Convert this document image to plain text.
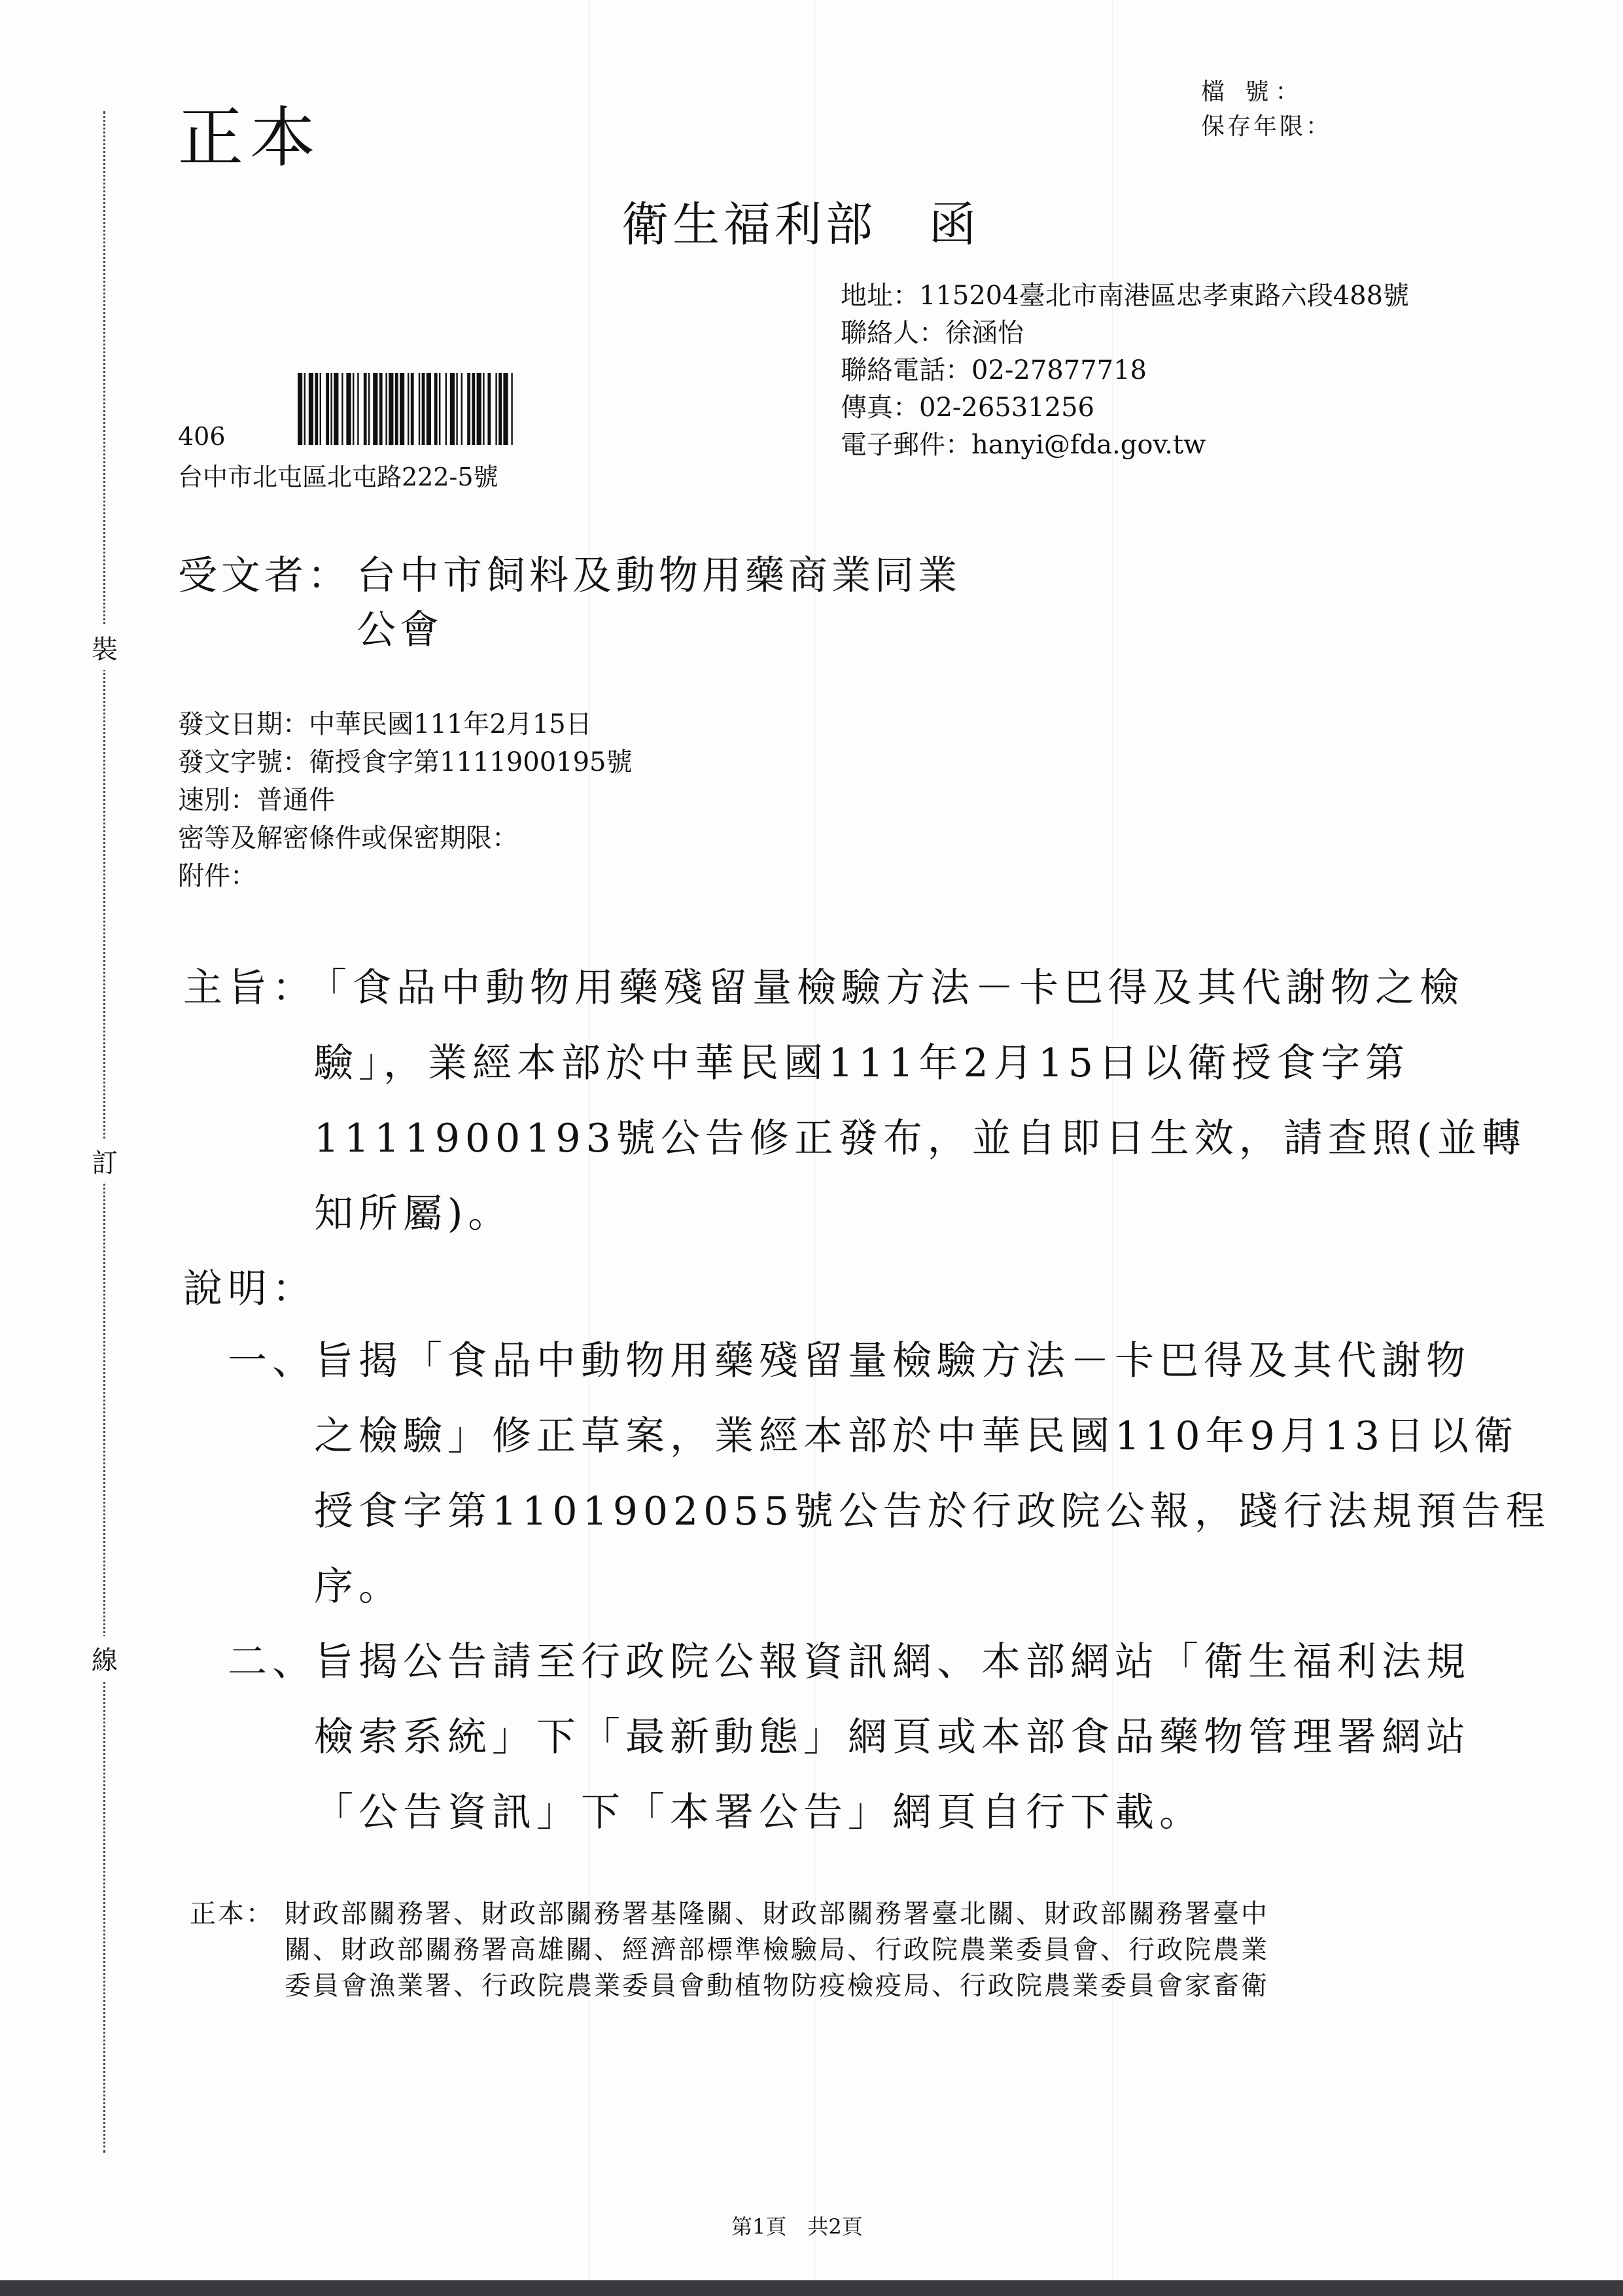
裝
訂
線
正本
檔 號：
保存年限：
衛生福利部 函
地址：115204臺北市南港區忠孝東路六段488號
聯絡人：徐涵怡
聯絡電話：02-27877718
傳真：02-26531256
電子郵件：hanyi@fda.gov.tw
406
台中市北屯區北屯路222-5號
受文者： 台中市飼料及動物用藥商業同業
公會
發文日期：中華民國111年2月15日
發文字號：衛授食字第1111900195號
速別：普通件
密等及解密條件或保密期限：
附件：
主旨：
「食品中動物用藥殘留量檢驗方法－卡巴得及其代謝物之檢
驗」，業經本部於中華民國111年2月15日以衛授食字第
1111900193號公告修正發布，並自即日生效，請查照(並轉
知所屬)。
說明：
一、
旨揭「食品中動物用藥殘留量檢驗方法－卡巴得及其代謝物
之檢驗」修正草案，業經本部於中華民國110年9月13日以衛
授食字第1101902055號公告於行政院公報，踐行法規預告程
序。
二、
旨揭公告請至行政院公報資訊網、本部網站「衛生福利法規
檢索系統」下「最新動態」網頁或本部食品藥物管理署網站
「公告資訊」下「本署公告」網頁自行下載。
正本： 財政部關務署、財政部關務署基隆關、財政部關務署臺北關、財政部關務署臺中
關、財政部關務署高雄關、經濟部標準檢驗局、行政院農業委員會、行政院農業
委員會漁業署、行政院農業委員會動植物防疫檢疫局、行政院農業委員會家畜衛
第1頁　共2頁
